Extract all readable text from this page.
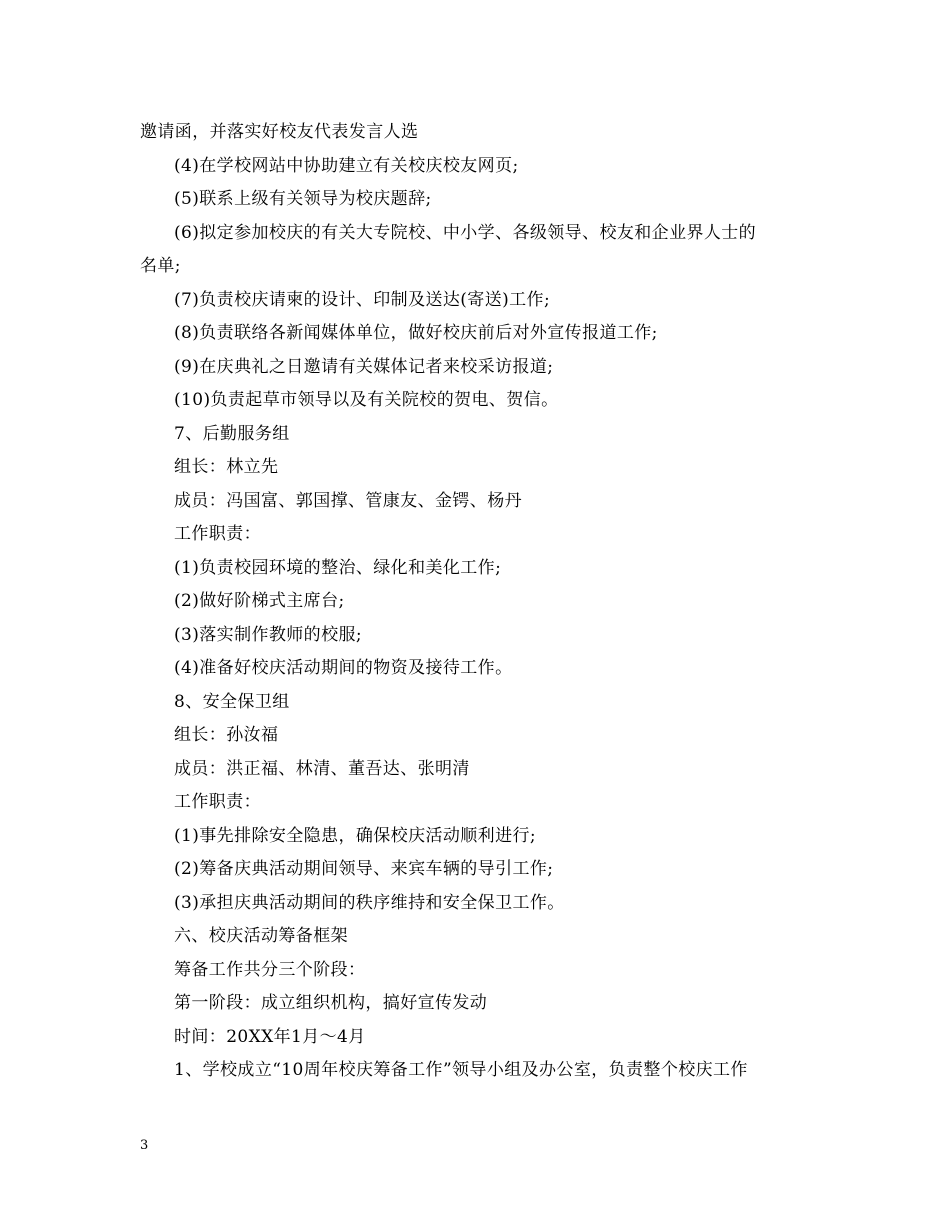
邀请函，并落实好校友代表发言人选
(4)在学校网站中协助建立有关校庆校友网页;
(5)联系上级有关领导为校庆题辞;
(6)拟定参加校庆的有关大专院校、中小学、各级领导、校友和企业界人士的
名单;
(7)负责校庆请柬的设计、印制及送达(寄送)工作;
(8)负责联络各新闻媒体单位，做好校庆前后对外宣传报道工作;
(9)在庆典礼之日邀请有关媒体记者来校采访报道;
(10)负责起草市领导以及有关院校的贺电、贺信。
7、后勤服务组
组长：林立先
成员：冯国富、郭国撑、管康友、金锷、杨丹
工作职责：
(1)负责校园环境的整治、绿化和美化工作;
(2)做好阶梯式主席台;
(3)落实制作教师的校服;
(4)准备好校庆活动期间的物资及接待工作。
8、安全保卫组
组长：孙汝福
成员：洪正福、林清、董吾达、张明清
工作职责：
(1)事先排除安全隐患，确保校庆活动顺利进行;
(2)筹备庆典活动期间领导、来宾车辆的导引工作;
(3)承担庆典活动期间的秩序维持和安全保卫工作。
六、校庆活动筹备框架
筹备工作共分三个阶段：
第一阶段：成立组织机构，搞好宣传发动
时间：20XX年1月～4月
1、学校成立“10周年校庆筹备工作”领导小组及办公室，负责整个校庆工作
3
